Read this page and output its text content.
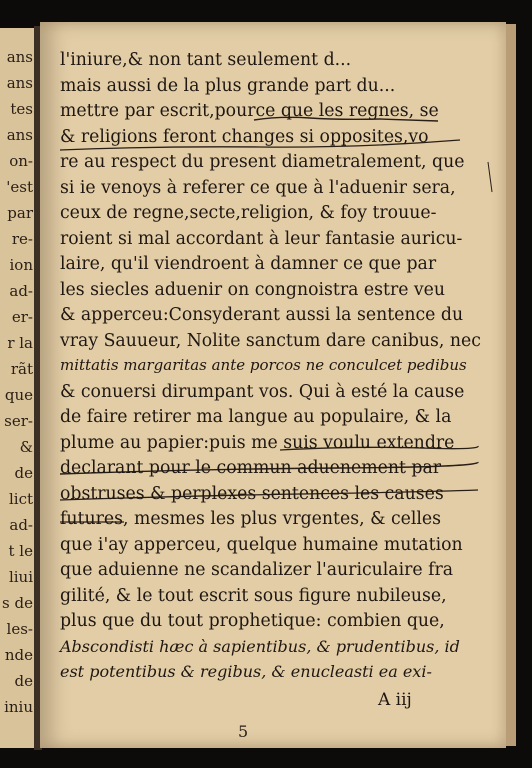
ans
ans
tes
ans
on-
'est
par
re-
ion
ad-
er-
r la
rãt
que
ser-
&
de
lict
ad-
t le
liui
s de
les-
nde
de
iniu
l'iniure,& non tant seulement d...
mais aussi de la plus grande part du...
mettre par escrit,pource que les regnes, se
& religions feront changes si opposites,vo
re au respect du present diametralement, que
si ie venoys à referer ce que à l'aduenir sera,
ceux de regne,secte,religion, & foy trouue-
roient si mal accordant à leur fantasie auricu-
laire, qu'il viendroent à damner ce que par
les siecles aduenir on congnoistra estre veu
& apperceu:Consyderant aussi la sentence du
vray Sauueur, Nolite sanctum dare canibus, nec
mittatis margaritas ante porcos ne conculcet pedibus
& conuersi dirumpant vos. Qui à esté la cause
de faire retirer ma langue au populaire, & la
plume au papier:puis me suis voulu extendre
declarant pour le commun aduenement par
obstruses & perplexes sentences les causes
futures, mesmes les plus vrgentes, & celles
que i'ay apperceu, quelque humaine mutation
que aduienne ne scandalizer l'auriculaire fra
gilité, & le tout escrit sous figure nubileuse,
plus que du tout prophetique: combien que,
Abscondisti hæc à sapientibus, & prudentibus, id
est potentibus & regibus, & enucleasti ea exi-
A iij
5
